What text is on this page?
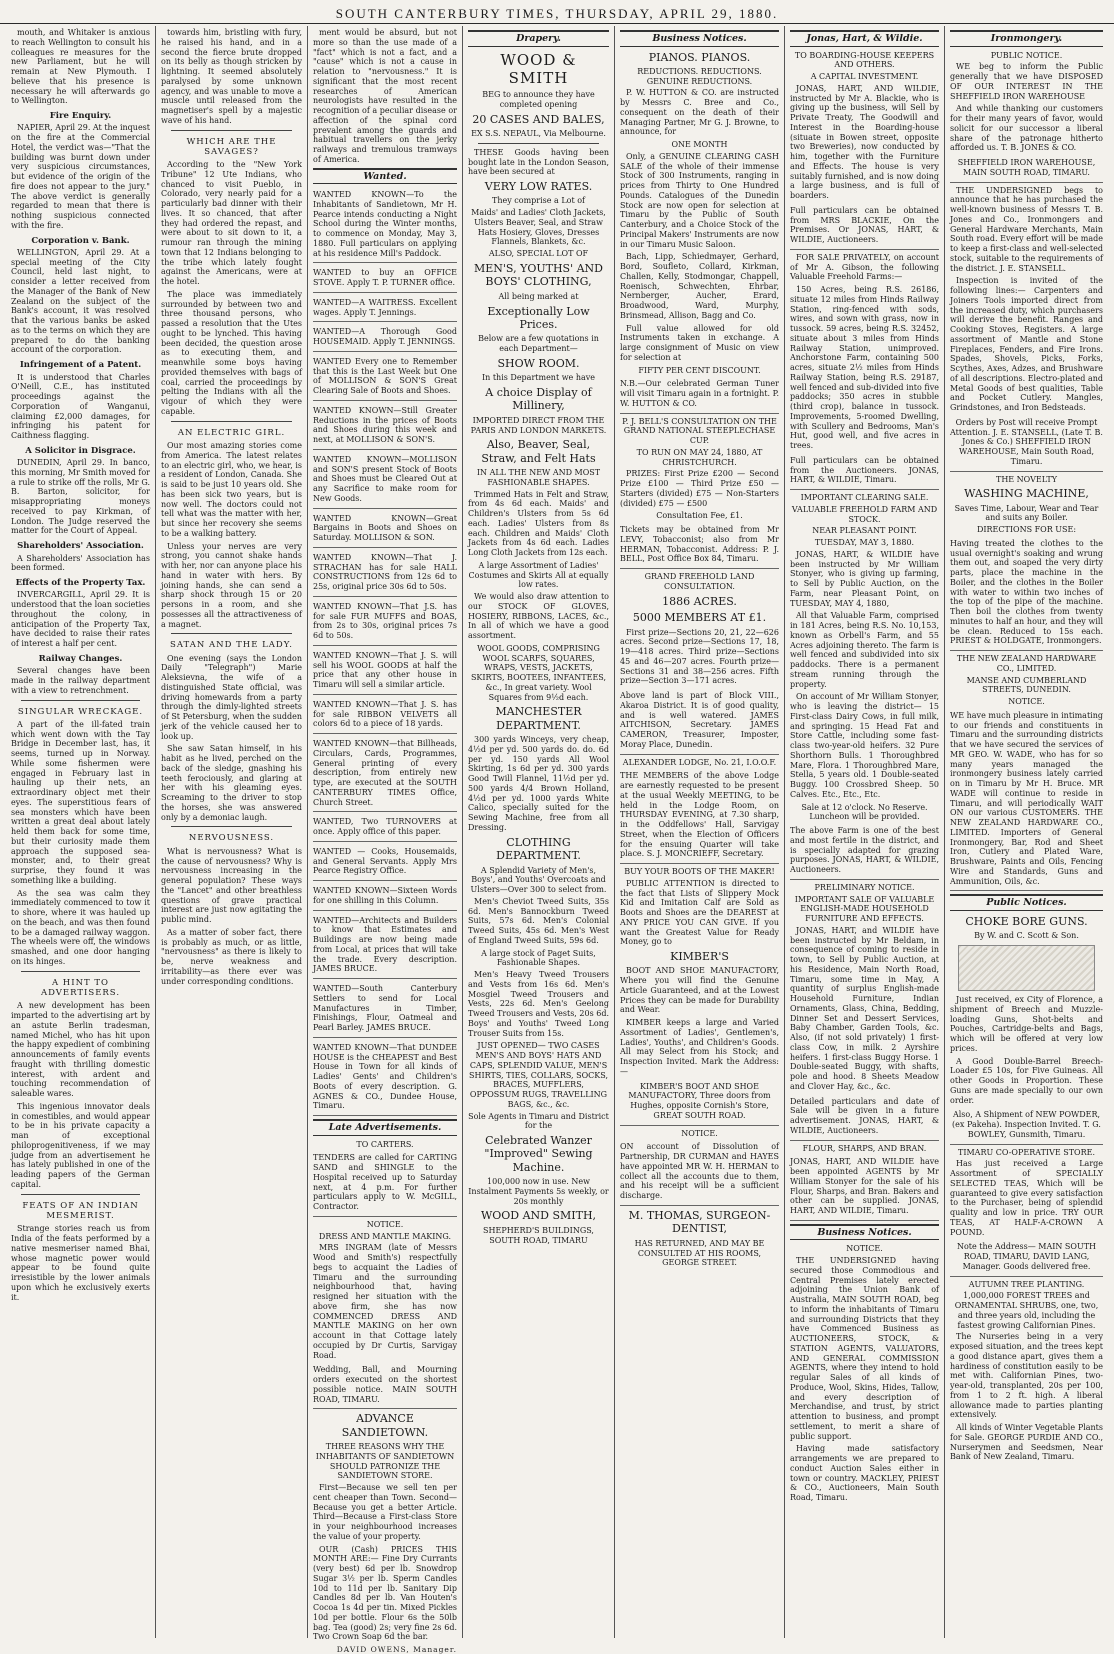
SOUTH CANTERBURY TIMES, THURSDAY, APRIL 29, 1880.

mouth, and Whitaker is anxious to reach Wellington to consult his colleagues re measures for the new Parliament, but he will remain at New Plymouth. I believe that his presence is necessary he will afterwards go to Wellington.

Fire Enquiry.

NAPIER, April 29. At the inquest on the fire at the Commercial Hotel, the verdict was—"That the building was burnt down under very suspicious circumstances, but evidence of the origin of the fire does not appear to the jury." The above verdict is generally regarded to mean that there is nothing suspicious connected with the fire.

Corporation v. Bank.

WELLINGTON, April 29. At a special meeting of the City Council, held last night, to consider a letter received from the Manager of the Bank of New Zealand on the subject of the Bank's account, it was resolved that the various banks be asked as to the terms on which they are prepared to do the banking account of the corporation.

Infringement of a Patent.

It is understood that Charles O'Neill, C.E., has instituted proceedings against the Corporation of Wanganui, claiming £2,000 damages, for infringing his patent for Caithness flagging.

A Solicitor in Disgrace.

DUNEDIN, April 29. In banco, this morning, Mr Smith moved for a rule to strike off the rolls, Mr G. B. Barton, solicitor, for misappropriating moneys received to pay Kirkman, of London. The Judge reserved the matter for the Court of Appeal.

Shareholders' Association.

A Shareholders' Association has been formed.

Effects of the Property Tax.

INVERCARGILL, April 29. It is understood that the loan societies throughout the colony, in anticipation of the Property Tax, have decided to raise their rates of interest a half per cent.

Railway Changes.

Several changes have been made in the railway department with a view to retrenchment.

SINGULAR WRECKAGE.

A part of the ill-fated train which went down with the Tay Bridge in December last, has, it seems, turned up in Norway. While some fishermen were engaged in February last in hauling up their nets, an extraordinary object met their eyes. The superstitious fears of sea monsters which have been written a great deal about lately held them back for some time, but their curiosity made them approach the supposed sea-monster, and, to their great surprise, they found it was something like a building.

As the sea was calm they immediately commenced to tow it to shore, where it was hauled up on the beach, and was then found to be a damaged railway waggon. The wheels were off, the windows smashed, and one door hanging on its hinges.

A HINT TO ADVERTISERS.

A new development has been imparted to the advertising art by an astute Berlin tradesman, named Michel, who has hit upon the happy expedient of combining announcements of family events fraught with thrilling domestic interest, with ardent and touching recommendation of saleable wares.

This ingenious innovator deals in comestibles, and would appear to be in his private capacity a man of exceptional philoprogenitiveness, if we may judge from an advertisement he has lately published in one of the leading papers of the German capital.

FEATS OF AN INDIAN MESMERIST.

Strange stories reach us from India of the feats performed by a native mesmeriser named Bhai, whose magnetic power would appear to be found quite irresistible by the lower animals upon which he exclusively exerts it.

towards him, bristling with fury, he raised his hand, and in a second the fierce brute dropped on its belly as though stricken by lightning. It seemed absolutely paralysed by some unknown agency, and was unable to move a muscle until released from the magnetiser's spell by a majestic wave of his hand.

WHICH ARE THE SAVAGES?

According to the "New York Tribune" 12 Ute Indians, who chanced to visit Pueblo, in Colorado, very nearly paid for a particularly bad dinner with their lives. It so chanced, that after they had ordered the repast, and were about to sit down to it, a rumour ran through the mining town that 12 Indians belonging to the tribe which lately fought against the Americans, were at the hotel.

The place was immediately surrounded by between two and three thousand persons, who passed a resolution that the Utes ought to be lynched. This having been decided, the question arose as to executing them, and meanwhile some boys having provided themselves with bags of coal, carried the proceedings by pelting the Indians with all the vigour of which they were capable.

AN ELECTRIC GIRL.

Our most amazing stories come from America. The latest relates to an electric girl, who, we hear, is a resident of London, Canada. She is said to be just 10 years old. She has been sick two years, but is now well. The doctors could not tell what was the matter with her, but since her recovery she seems to be a walking battery.

Unless your nerves are very strong, you cannot shake hands with her, nor can anyone place his hand in water with hers. By joining hands, she can send a sharp shock through 15 or 20 persons in a room, and she possesses all the attractiveness of a magnet.

SATAN AND THE LADY.

One evening (says the London Daily "Telegraph") Marie Aleksievna, the wife of a distinguished State official, was driving homewards from a party through the dimly-lighted streets of St Petersburg, when the sudden jerk of the vehicle caused her to look up.

She saw Satan himself, in his habit as he lived, perched on the back of the sledge, gnashing his teeth ferociously, and glaring at her with his gleaming eyes. Screaming to the driver to stop the horses, she was answered only by a demoniac laugh.

NERVOUSNESS.

What is nervousness? What is the cause of nervousness? Why is nervousness increasing in the general population? These ways the "Lancet" and other breathless questions of grave practical interest are just now agitating the public mind.

As a matter of sober fact, there is probably as much, or as little, "nervousness" as there is likely to be, nerve weakness and irritability—as there ever was under corresponding conditions.

ment would be absurd, but not more so than the use made of a "fact" which is not a fact, and a "cause" which is not a cause in relation to "nervousness." It is significant that the most recent researches of American neurologists have resulted in the recognition of a peculiar disease or affection of the spinal cord prevalent among the guards and habitual travellers on the jerky railways and tremulous tramways of America.

Wanted.
WANTED KNOWN—To the Inhabitants of Sandietown, Mr H. Pearce intends conducting a Night School during the Winter months, to commence on Monday, May 3, 1880. Full particulars on applying at his residence Mill's Paddock.
WANTED to buy an OFFICE STOVE. Apply T. P. TURNER office.
WANTED—A WAITRESS. Excellent wages. Apply T. Jennings.
WANTED—A Thorough Good HOUSEMAID. Apply T. JENNINGS.
WANTED Every one to Remember that this is the Last Week but One of MOLLISON & SON'S Great Clearing Sale of Boots and Shoes.
WANTED KNOWN—Still Greater Reductions in the prices of Boots and Shoes during this week and next, at MOLLISON & SON'S.
WANTED KNOWN—MOLLISON and SON'S present Stock of Boots and Shoes must be Cleared Out at any Sacrifice to make room for New Goods.
WANTED KNOWN—Great Bargains in Boots and Shoes on Saturday. MOLLISON & SON.
WANTED KNOWN—That J. STRACHAN has for sale HALL CONSTRUCTIONS from 12s 6d to 25s, original price 30s 6d to 50s.
WANTED KNOWN—That J.S. has for sale FUR MUFFS and BOAS, from 2s to 30s, original prices 7s 6d to 50s.
WANTED KNOWN—That J. S. will sell his WOOL GOODS at half the price that any other house in Timaru will sell a similar article.
WANTED KNOWN—That J. S. has for sale RIBBON VELVETS all colors 6d to a piece of 18 yards.
WANTED KNOWN—that Billheads, Circulars, Cards, Programmes, General printing of every description, from entirely new type, are executed at the SOUTH CANTERBURY TIMES Office, Church Street.
WANTED, Two TURNOVERS at once. Apply office of this paper.
WANTED — Cooks, Housemaids, and General Servants. Apply Mrs Pearce Registry Office.
WANTED KNOWN—Sixteen Words for one shilling in this Column.
WANTED—Architects and Builders to know that Estimates and Buildings are now being made from Local, at prices that will take the trade. Every description. JAMES BRUCE.
WANTED—South Canterbury Settlers to send for Local Manufactures in Timber, Finishings, Flour, Oatmeal and Pearl Barley. JAMES BRUCE.
WANTED KNOWN—That DUNDEE HOUSE is the CHEAPEST and Best House in Town for all kinds of Ladies' Gents' and Children's Boots of every description. G. AGNES & CO., Dundee House, Timaru.
Late Advertisements.
TO CARTERS.
TENDERS are called for CARTING SAND and SHINGLE to the Hospital received up to Saturday next, at 4 p.m. For further particulars apply to W. McGILL, Contractor.
NOTICE.
DRESS AND MANTLE MAKING.

MRS INGRAM (late of Messrs Wood and Smith's) respectfully begs to acquaint the Ladies of Timaru and the surrounding neighbourhood that, having resigned her situation with the above firm, she has now COMMENCED DRESS AND MANTLE MAKING on her own account in that Cottage lately occupied by Dr Curtis, Sarvigay Road.

Wedding, Ball, and Mourning orders executed on the shortest possible notice. MAIN SOUTH ROAD, TIMARU.
ADVANCE SANDIETOWN.
THREE REASONS WHY THE INHABITANTS OF SANDIETOWN SHOULD PATRONIZE THE SANDIETOWN STORE.

First—Because we sell ten per cent cheaper than Town. Second—Because you get a better Article. Third—Because a First-class Store in your neighbourhood increases the value of your property.

OUR (Cash) PRICES THIS MONTH ARE:— Fine Dry Currants (very best) 6d per lb. Snowdrop Sugar 3½ per lb. Sperm Candles 10d to 11d per lb. Sanitary Dip Candles 8d per lb. Van Houten's Cocoa 1s 4d per tin. Mixed Pickles 10d per bottle. Flour 6s the 50lb bag. Tea (good) 2s; very fine 2s 6d. Two Crown Soap 6d the bar.

DAVID OWENS, Manager.
Drapery.
WOOD & SMITH
BEG to announce they have completed opening
20 CASES AND BALES,
EX S.S. NEPAUL, Via Melbourne.

THESE Goods having been bought late in the London Season, have been secured at

VERY LOW RATES.
They comprise a Lot of
Maids' and Ladies' Cloth Jackets, Ulsters Beaver, Seal, and Straw Hats Hosiery, Gloves, Dresses Flannels, Blankets, &c.
ALSO, SPECIAL LOT OF
MEN'S, YOUTHS' AND BOYS' CLOTHING,
All being marked at
Exceptionally Low Prices.
Below are a few quotations in each Department—
SHOW ROOM.
In this Department we have
A choice Display of Millinery,
IMPORTED DIRECT FROM THE PARIS AND LONDON MARKETS.
Also, Beaver, Seal, Straw, and Felt Hats
IN ALL THE NEW AND MOST FASHIONABLE SHAPES.

Trimmed Hats in Felt and Straw, from 4s 6d each. Maids' and Children's Ulsters from 5s 6d each. Ladies' Ulsters from 8s each. Children and Maids' Cloth Jackets from 4s 6d each. Ladies Long Cloth Jackets from 12s each.

A large Assortment of Ladies' Costumes and Skirts All at equally low rates.

We would also draw attention to our STOCK OF GLOVES, HOSIERY, RIBBONS, LACES, &c., In all of which we have a good assortment.

WOOL GOODS, COMPRISING WOOL SCARFS, SQUARES, WRAPS, VESTS, JACKETS, SKIRTS, BOOTEES, INFANTEES, &c., In great variety. Wool Squares from 9½d each.
MANCHESTER DEPARTMENT.

300 yards Winceys, very cheap, 4½d per yd. 500 yards do. do. 6d per yd. 150 yards All Wool Skirting, 1s 6d per yd. 300 yards Good Twill Flannel, 11½d per yd. 500 yards 4/4 Brown Holland, 4½d per yd. 1000 yards White Calico, specially suited for the Sewing Machine, free from all Dressing.

CLOTHING DEPARTMENT.
A Splendid Variety of Men's, Boys', and Youths' Overcoats and Ulsters—Over 300 to select from.

Men's Cheviot Tweed Suits, 35s 6d. Men's Bannockburn Tweed Suits, 57s 6d. Men's Colonial Tweed Suits, 45s 6d. Men's West of England Tweed Suits, 59s 6d.

A large stock of Paget Suits, Fashionable Shapes.

Men's Heavy Tweed Trousers and Vests from 16s 6d. Men's Mosgiel Tweed Trousers and Vests, 22s 6d. Men's Geelong Tweed Trousers and Vests, 20s 6d. Boys' and Youths' Tweed Long Trouser Suits from 15s.

JUST OPENED— TWO CASES MEN'S AND BOYS' HATS AND CAPS, SPLENDID VALUE, MEN'S SHIRTS, TIES, COLLARS, SOCKS, BRACES, MUFFLERS, OPPOSSUM RUGS, TRAVELLING BAGS, &c., &c.
Sole Agents in Timaru and District for the
Celebrated Wanzer "Improved" Sewing Machine.
100,000 now in use. New Instalment Payments 5s weekly, or 20s monthly
WOOD AND SMITH,
SHEPHERD'S BUILDINGS, SOUTH ROAD, TIMARU
Business Notices.
PIANOS. PIANOS.
REDUCTIONS. REDUCTIONS. GENUINE REDUCTIONS.

P. W. HUTTON & CO. are instructed by Messrs C. Bree and Co., consequent on the death of their Managing Partner, Mr G. J. Browne, to announce, for

ONE MONTH

Only, a GENUINE CLEARING CASH SALE of the whole of their immense Stock of 300 Instruments, ranging in prices from Thirty to One Hundred Pounds. Catalogues of the Dunedin Stock are now open for selection at Timaru by the Public of South Canterbury, and a Choice Stock of the Principal Makers' Instruments are now in our Timaru Music Saloon.

Bach, Lipp, Schiedmayer, Gerhard, Bord, Soufleto, Collard, Kirkman, Challen, Kelly, Stodmongar, Chappell, Roenisch, Schwechten, Ehrbar, Nernberger, Aucher, Erard, Broadwood, Ward, Murphy, Brinsmead, Allison, Bagg and Co.

Full value allowed for old Instruments taken in exchange. A large consignment of Music on view for selection at

FIFTY PER CENT DISCOUNT.
N.B.—Our celebrated German Tuner will visit Timaru again in a fortnight. P. W. HUTTON & CO.
P. J. BELL'S CONSULTATION ON THE GRAND NATIONAL STEEPLECHASE CUP.
TO RUN ON MAY 24, 1880, AT CHRISTCHURCH.

PRIZES: First Prize £200 — Second Prize £100 — Third Prize £50 — Starters (divided) £75 — Non-Starters (divided) £75 — £500

Consultation Fee, £1.
Tickets may be obtained from Mr LEVY, Tobacconist; also from Mr HERMAN, Tobacconist. Address: P. J. BELL, Post Office Box 84, Timaru.
GRAND FREEHOLD LAND CONSULTATION.
1886 ACRES.
5000 MEMBERS AT £1.

First prize—Sections 20, 21, 22—626 acres. Second prize—Sections 17, 18, 19—418 acres. Third prize—Sections 45 and 46—207 acres. Fourth prize—Sections 31 and 38—256 acres. Fifth prize—Section 3—171 acres.

Above land is part of Block VIII., Akaroa District. It is of good quality, and is well watered. JAMES AITCHISON, Secretary. JAMES CAMERON, Treasurer, Imposter, Moray Place, Dunedin.
ALEXANDER LODGE, No. 21, I.O.O.F.
THE MEMBERS of the above Lodge are earnestly requested to be present at the usual Weekly MEETING, to be held in the Lodge Room, on THURSDAY EVENING, at 7.30 sharp, in the Oddfellows' Hall, Sarvigay Street, when the Election of Officers for the ensuing Quarter will take place. S. J. MONCRIEFF, Secretary.
BUY YOUR BOOTS OF THE MAKER!

PUBLIC ATTENTION is directed to the fact that Lists of Slippery Mock Kid and Imitation Calf are Sold as Boots and Shoes are the DEAREST at ANY PRICE YOU CAN GIVE. If you want the Greatest Value for Ready Money, go to

KIMBER'S

BOOT AND SHOE MANUFACTORY, Where you will find the Genuine Article Guaranteed, and at the Lowest Prices they can be made for Durability and Wear.

KIMBER keeps a large and Varied Assortment of Ladies', Gentlemen's, Ladies', Youths', and Children's Goods. All may Select from his Stock; and Inspection Invited. Mark the Address:—

KIMBER'S BOOT AND SHOE MANUFACTORY, Three doors from Hughes, opposite Cornish's Store, GREAT SOUTH ROAD.
NOTICE.
ON account of Dissolution of Partnership, DR CURMAN and HAYES have appointed MR W. H. HERMAN to collect all the accounts due to them, and his receipt will be a sufficient discharge.
M. THOMAS, SURGEON-DENTIST,
HAS RETURNED, AND MAY BE CONSULTED AT HIS ROOMS, GEORGE STREET.
Jonas, Hart, & Wildie.
TO BOARDING-HOUSE KEEPERS AND OTHERS.
A CAPITAL INVESTMENT.

JONAS, HART, AND WILDIE, instructed by Mr A. Blackie, who is giving up the business, will Sell by Private Treaty, The Goodwill and Interest in the Boarding-house (situate in Bowen street, opposite two Breweries), now conducted by him, together with the Furniture and Effects. The house is very suitably furnished, and is now doing a large business, and is full of boarders.

Full particulars can be obtained from MRS BLACKIE, On the Premises. Or JONAS, HART, & WILDIE, Auctioneers.

FOR SALE PRIVATELY, on account of Mr A. Gibson, the following Valuable Freehold Farms:—

150 Acres, being R.S. 26186, situate 12 miles from Hinds Railway Station, ring-fenced with sods, wires, and sown with grass, now in tussock. 59 acres, being R.S. 32452, situate about 3 miles from Hinds Railway Station, unimproved. Anchorstone Farm, containing 500 acres, situate 2½ miles from Hinds Railway Station, being R.S. 29187, well fenced and sub-divided into five paddocks; 350 acres in stubble (third crop), balance in tussock. Improvements, 5-roomed Dwelling, with Scullery and Bedrooms, Man's Hut, good well, and five acres in trees.

Full particulars can be obtained from the Auctioneers. JONAS, HART, & WILDIE, Timaru.
IMPORTANT CLEARING SALE.
VALUABLE FREEHOLD FARM AND STOCK.
NEAR PLEASANT POINT.
TUESDAY, MAY 3, 1880.

JONAS, HART, & WILDIE have been instructed by Mr William Stonyer, who is giving up farming, to Sell by Public Auction, on the Farm, near Pleasant Point, on TUESDAY, MAY 4, 1880,

All that Valuable Farm, comprised in 181 Acres, being R.S. No. 10,153, known as Orbell's Farm, and 55 Acres adjoining thereto. The farm is well fenced and subdivided into six paddocks. There is a permanent stream running through the property.

On account of Mr William Stonyer, who is leaving the district— 15 First-class Dairy Cows, in full milk, and springing. 15 Head Fat and Store Cattle, including some fast-class two-year-old heifers. 32 Pure Shorthorn Bulls. 1 Thoroughbred Mare, Flora. 1 Thoroughbred Mare, Stella, 5 years old. 1 Double-seated Buggy. 100 Crossbred Sheep. 50 Calves. Etc., Etc., Etc.

Sale at 12 o'clock. No Reserve. Luncheon will be provided.
The above Farm is one of the best and most fertile in the district, and is specially adapted for grazing purposes. JONAS, HART, & WILDIE, Auctioneers.
PRELIMINARY NOTICE.
IMPORTANT SALE OF VALUABLE ENGLISH-MADE HOUSEHOLD FURNITURE AND EFFECTS.

JONAS, HART, and WILDIE have been instructed by Mr Beldam, in consequence of coming to reside in town, to Sell by Public Auction, at his Residence, Main North Road, Timaru, some time in May, A quantity of surplus English-made Household Furniture, Indian Ornaments, Glass, China, Bedding, Dinner Set and Dessert Services, Baby Chamber, Garden Tools, &c. Also, (if not sold privately) 1 first-class Cow, in milk. 2 Ayrshire heifers. 1 first-class Buggy Horse. 1 Double-seated Buggy, with shafts, pole and hood. 8 Sheets Meadow and Clover Hay, &c., &c.

Detailed particulars and date of Sale will be given in a future advertisement. JONAS, HART, & WILDIE, Auctioneers.
FLOUR, SHARPS, AND BRAN.
JONAS, HART, AND WILDIE have been appointed AGENTS by Mr William Stonyer for the sale of his Flour, Sharps, and Bran. Bakers and other can be supplied. JONAS, HART, AND WILDIE, Timaru.
Business Notices.
NOTICE.

THE UNDERSIGNED having secured those Commodious and Central Premises lately erected adjoining the Union Bank of Australia, MAIN SOUTH ROAD, beg to inform the inhabitants of Timaru and surrounding Districts that they have Commenced Business as AUCTIONEERS, STOCK, & STATION AGENTS, VALUATORS, AND GENERAL COMMISSION AGENTS, where they intend to hold regular Sales of all kinds of Produce, Wool, Skins, Hides, Tallow, and every description of Merchandise, and trust, by strict attention to business, and prompt settlement, to merit a share of public support.

Having made satisfactory arrangements we are prepared to conduct Auction Sales either in town or country. MACKLEY, PRIEST & CO., Auctioneers, Main South Road, Timaru.

Ironmongery.
PUBLIC NOTICE.

WE beg to inform the Public generally that we have DISPOSED OF OUR INTEREST IN THE SHEFFIELD IRON WAREHOUSE

And while thanking our customers for their many years of favor, would solicit for our successor a liberal share of the patronage hitherto afforded us. T. B. JONES & CO.

SHEFFIELD IRON WAREHOUSE, MAIN SOUTH ROAD, TIMARU.

THE UNDERSIGNED begs to announce that he has purchased the well-known business of Messrs T. B. Jones and Co., Ironmongers and General Hardware Merchants, Main South road. Every effort will be made to keep a first-class and well-selected stock, suitable to the requirements of the district. J. E. STANSELL.

Inspection is invited of the following lines:— Carpenters and Joiners Tools imported direct from the increased duty, which purchasers will derive the benefit. Ranges and Cooking Stoves, Registers. A large assortment of Mantle and Stone Fireplaces, Fenders, and Fire Irons. Spades, Shovels, Picks, Forks, Scythes, Axes, Adzes, and Brushware of all descriptions. Electro-plated and Metal Goods of best qualities, Table and Pocket Cutlery. Mangles, Grindstones, and Iron Bedsteads.

Orders by Post will receive Prompt Attention. J. E. STANSELL, (Late T. B. Jones & Co.) SHEFFIELD IRON WAREHOUSE, Main South Road, Timaru.
THE NOVELTY
WASHING MACHINE,
Saves Time, Labour, Wear and Tear and suits any Boiler.
DIRECTIONS FOR USE:
Having treated the clothes to the usual overnight's soaking and wrung them out, and soaped the very dirty parts, place the machine in the Boiler, and the clothes in the Boiler with water to within two inches of the top of the pipe of the machine. Then boil the clothes from twenty minutes to half an hour, and they will be clean. Reduced to 15s each. PRIEST & HOLDGATE, Ironmongers.
THE NEW ZEALAND HARDWARE CO., LIMITED.
MANSE AND CUMBERLAND STREETS, DUNEDIN.
NOTICE.
WE have much pleasure in intimating to our friends and constituents in Timaru and the surrounding districts that we have secured the services of MR GEO. W. WADE, who has for so many years managed the ironmongery business lately carried on in Timaru by Mr H. Bruce. MR WADE will continue to reside in Timaru, and will periodically WAIT ON our various CUSTOMERS. THE NEW ZEALAND HARDWARE CO., LIMITED. Importers of General Ironmongery, Bar, Rod and Sheet Iron, Cutlery and Plated Ware, Brushware, Paints and Oils, Fencing Wire and Standards, Guns and Ammunition, Oils, &c.
Public Notices.
CHOKE BORE GUNS.
By W. and C. Scott & Son.

Just received, ex City of Florence, a shipment of Breech and Muzzle-loading Guns, Shot-belts and Pouches, Cartridge-belts and Bags, which will be offered at very low prices.

A Good Double-Barrel Breech-Loader £5 10s, for Five Guineas. All other Goods in Proportion. These Guns are made specially to our own order.

Also, A Shipment of NEW POWDER, (ex Pakeha). Inspection Invited. T. G. BOWLEY, Gunsmith, Timaru.
TIMARU CO-OPERATIVE STORE.

Has just received a Large Assortment of SPECIALLY SELECTED TEAS, Which will be guaranteed to give every satisfaction to the Purchaser, being of splendid quality and low in price. TRY OUR TEAS, AT HALF-A-CROWN A POUND.

Note the Address— MAIN SOUTH ROAD, TIMARU, DAVID LANG, Manager. Goods delivered free.
AUTUMN TREE PLANTING.
1,000,000 FOREST TREES and ORNAMENTAL SHRUBS, one, two, and three years old, including the fastest growing Californian Pines.

The Nurseries being in a very exposed situation, and the trees kept a good distance apart, gives them a hardiness of constitution easily to be met with. Californian Pines, two-year-old, transplanted, 20s per 100, from 1 to 2 ft. high. A liberal allowance made to parties planting extensively.

All kinds of Winter Vegetable Plants for Sale. GEORGE PURDIE AND CO., Nurserymen and Seedsmen, Near Bank of New Zealand, Timaru.
